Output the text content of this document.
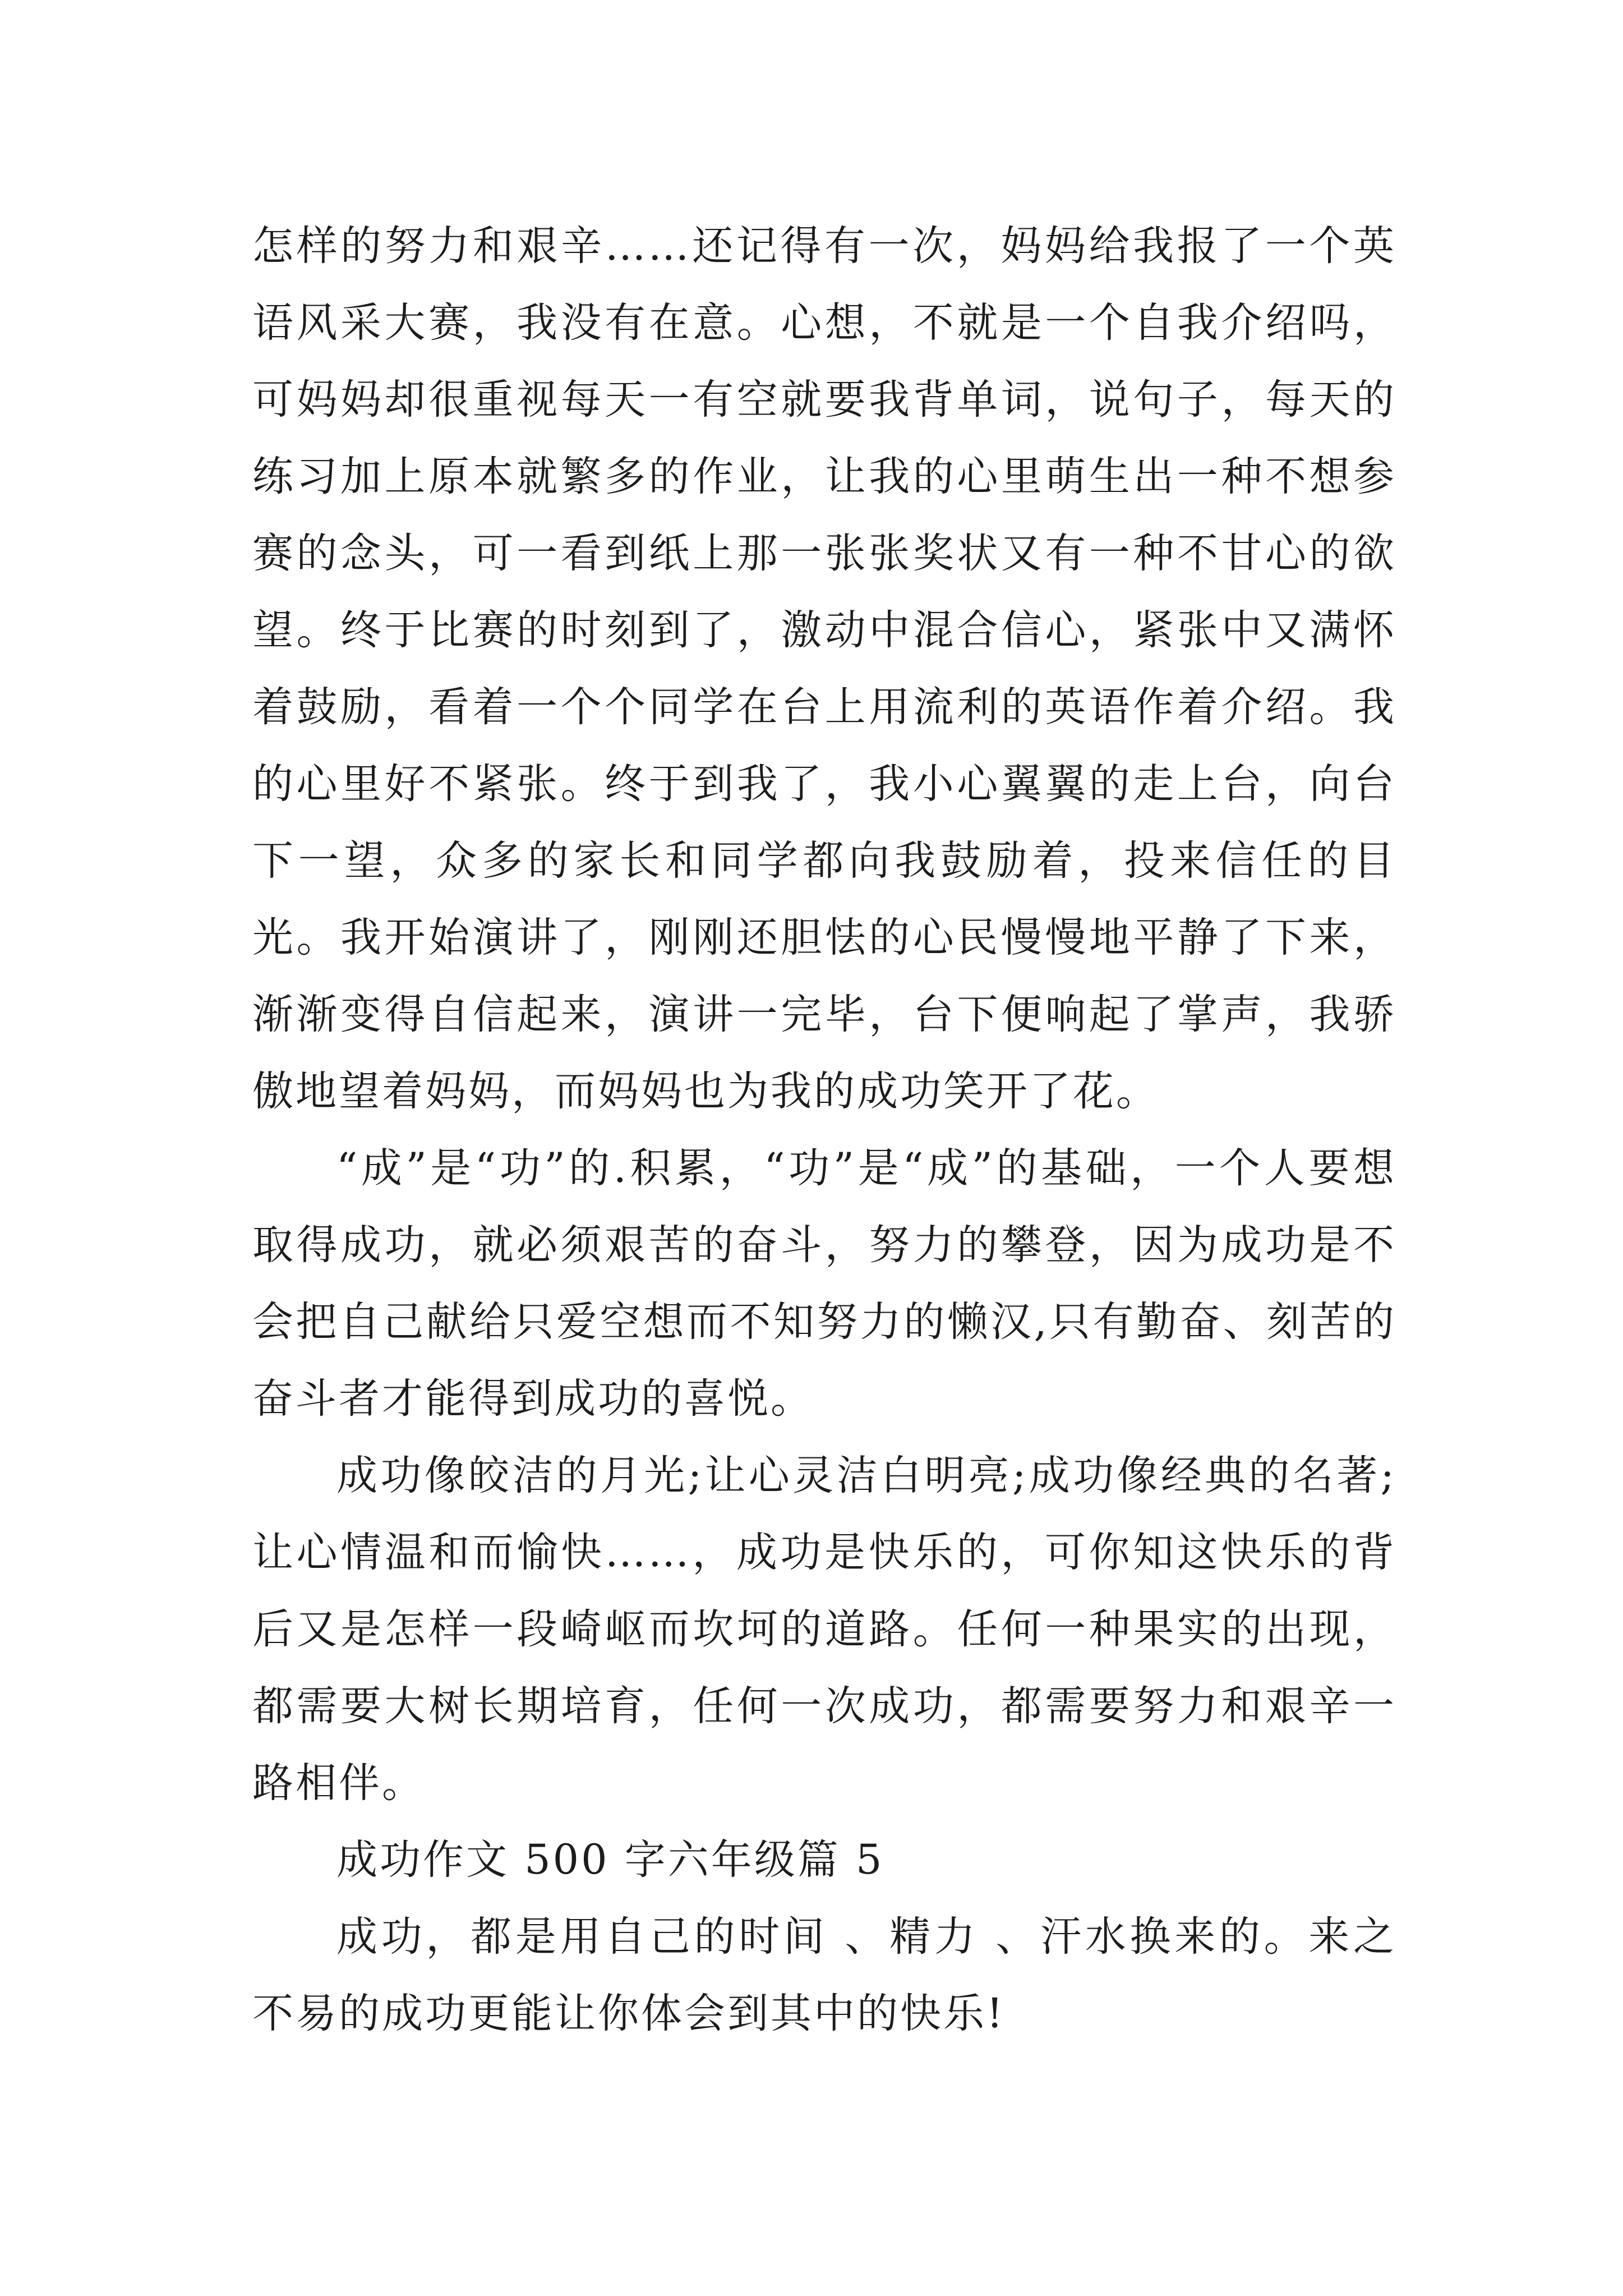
怎样的努力和艰辛……还记得有一次，妈妈给我报了一个英语风采大赛，我没有在意。心想，不就是一个自我介绍吗，可妈妈却很重视每天一有空就要我背单词，说句子，每天的练习加上原本就繁多的作业，让我的心里萌生出一种不想参赛的念头，可一看到纸上那一张张奖状又有一种不甘心的欲望。终于比赛的时刻到了，激动中混合信心，紧张中又满怀着鼓励，看着一个个同学在台上用流利的英语作着介绍。我的心里好不紧张。终于到我了，我小心翼翼的走上台，向台下一望，众多的家长和同学都向我鼓励着，投来信任的目光。我开始演讲了，刚刚还胆怯的心民慢慢地平静了下来，渐渐变得自信起来，演讲一完毕，台下便响起了掌声，我骄傲地望着妈妈，而妈妈也为我的成功笑开了花。

“成”是“功”的.积累，“功”是“成”的基础，一个人要想取得成功，就必须艰苦的奋斗，努力的攀登，因为成功是不会把自己献给只爱空想而不知努力的懒汉,只有勤奋、刻苦的奋斗者才能得到成功的喜悦。

成功像皎洁的月光;让心灵洁白明亮;成功像经典的名著;让心情温和而愉快……，成功是快乐的，可你知这快乐的背后又是怎样一段崎岖而坎坷的道路。任何一种果实的出现，都需要大树长期培育，任何一次成功，都需要努力和艰辛一路相伴。

成功作文 500 字六年级篇 5

成功，都是用自己的时间 、精力 、汗水换来的。来之不易的成功更能让你体会到其中的快乐!
